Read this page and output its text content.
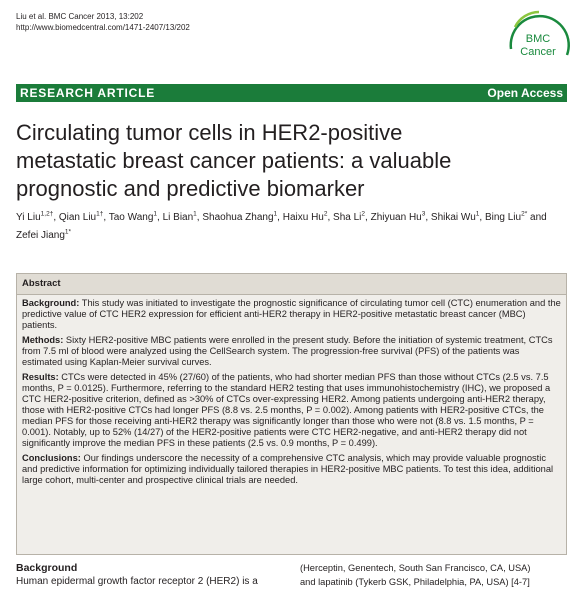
Liu et al. BMC Cancer 2013, 13:202
http://www.biomedcentral.com/1471-2407/13/202
BMC
Cancer
RESEARCH ARTICLE	Open Access
Circulating tumor cells in HER2-positive
metastatic breast cancer patients: a valuable
prognostic and predictive biomarker
Yi Liu$^{1,2\dagger}$, Qian Liu$^{1\dagger}$, Tao Wang$^1$, Li Bian$^1$, Shaohua Zhang$^1$, Haixu Hu$^2$, Sha Li$^2$, Zhiyuan Hu$^3$, Shikai Wu$^1$, Bing Liu$^{2*}$ and Zefei Jiang$^{1*}$
Abstract

Background: This study was initiated to investigate the prognostic significance of circulating tumor cell (CTC) enumeration and the predictive value of CTC HER2 expression for efficient anti-HER2 therapy in HER2-positive metastatic breast cancer (MBC) patients.

Methods: Sixty HER2-positive MBC patients were enrolled in the present study. Before the initiation of systemic treatment, CTCs from 7.5 ml of blood were analyzed using the CellSearch system. The progression-free survival (PFS) of the patients was estimated using Kaplan-Meier survival curves.

Results: CTCs were detected in 45% (27/60) of the patients, who had shorter median PFS than those without CTCs (2.5 vs. 7.5 months, P = 0.0125). Furthermore, referring to the standard HER2 testing that uses immunohistochemistry (IHC), we proposed a CTC HER2-positive criterion, defined as >30% of CTCs over-expressing HER2. Among patients undergoing anti-HER2 therapy, those with HER2-positive CTCs had longer PFS (8.8 vs. 2.5 months, P = 0.002). Among patients with HER2-positive CTCs, the median PFS for those receiving anti-HER2 therapy was significantly longer than those who were not (8.8 vs. 1.5 months, P = 0.001). Notably, up to 52% (14/27) of the HER2-positive patients were CTC HER2-negative, and anti-HER2 therapy did not significantly improve the median PFS in these patients (2.5 vs. 0.9 months, P = 0.499).

Conclusions: Our findings underscore the necessity of a comprehensive CTC analysis, which may provide valuable prognostic and predictive information for optimizing individually tailored therapies in HER2-positive MBC patients. To test this idea, additional large cohort, multi-center and prospective clinical trials are needed.

Background
Human epidermal growth factor receptor 2 (HER2) is a
(Herceptin, Genentech, South San Francisco, CA, USA)
and lapatinib (Tykerb GSK, Philadelphia, PA, USA) [4-7]
